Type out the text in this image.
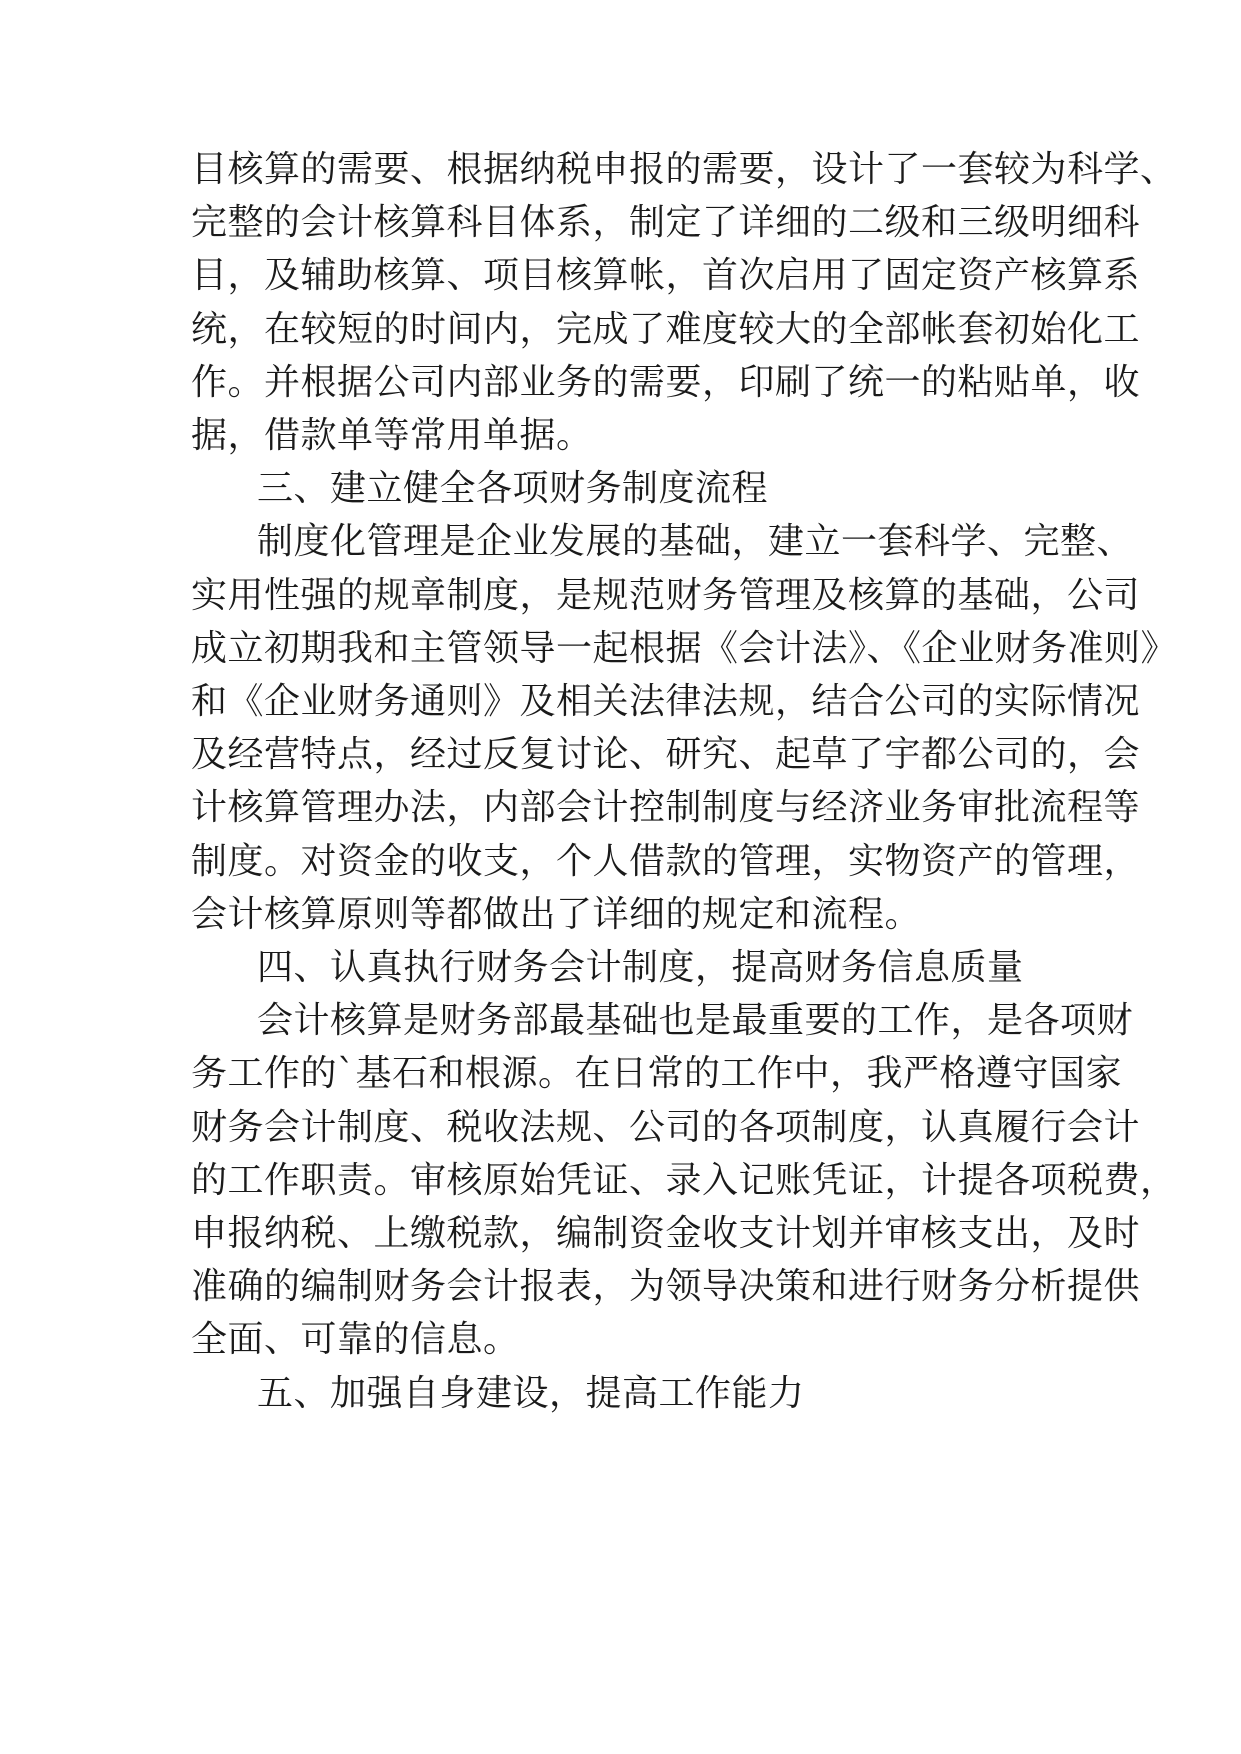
目核算的需要、根据纳税申报的需要，设计了一套较为科学、
完整的会计核算科目体系，制定了详细的二级和三级明细科
目，及辅助核算、项目核算帐，首次启用了固定资产核算系
统，在较短的时间内，完成了难度较大的全部帐套初始化工
作。并根据公司内部业务的需要，印刷了统一的粘贴单，收
据，借款单等常用单据。
三、建立健全各项财务制度流程
制度化管理是企业发展的基础，建立一套科学、完整、
实用性强的规章制度，是规范财务管理及核算的基础，公司
成立初期我和主管领导一起根据《会计法》、《企业财务准则》
和《企业财务通则》及相关法律法规，结合公司的实际情况
及经营特点，经过反复讨论、研究、起草了宇都公司的，会
计核算管理办法，内部会计控制制度与经济业务审批流程等
制度。对资金的收支，个人借款的管理，实物资产的管理，
会计核算原则等都做出了详细的规定和流程。
四、认真执行财务会计制度，提高财务信息质量
会计核算是财务部最基础也是最重要的工作，是各项财
务工作的`基石和根源。在日常的工作中，我严格遵守国家
财务会计制度、税收法规、公司的各项制度，认真履行会计
的工作职责。审核原始凭证、录入记账凭证，计提各项税费，
申报纳税、上缴税款，编制资金收支计划并审核支出，及时
准确的编制财务会计报表，为领导决策和进行财务分析提供
全面、可靠的信息。
五、加强自身建设，提高工作能力
